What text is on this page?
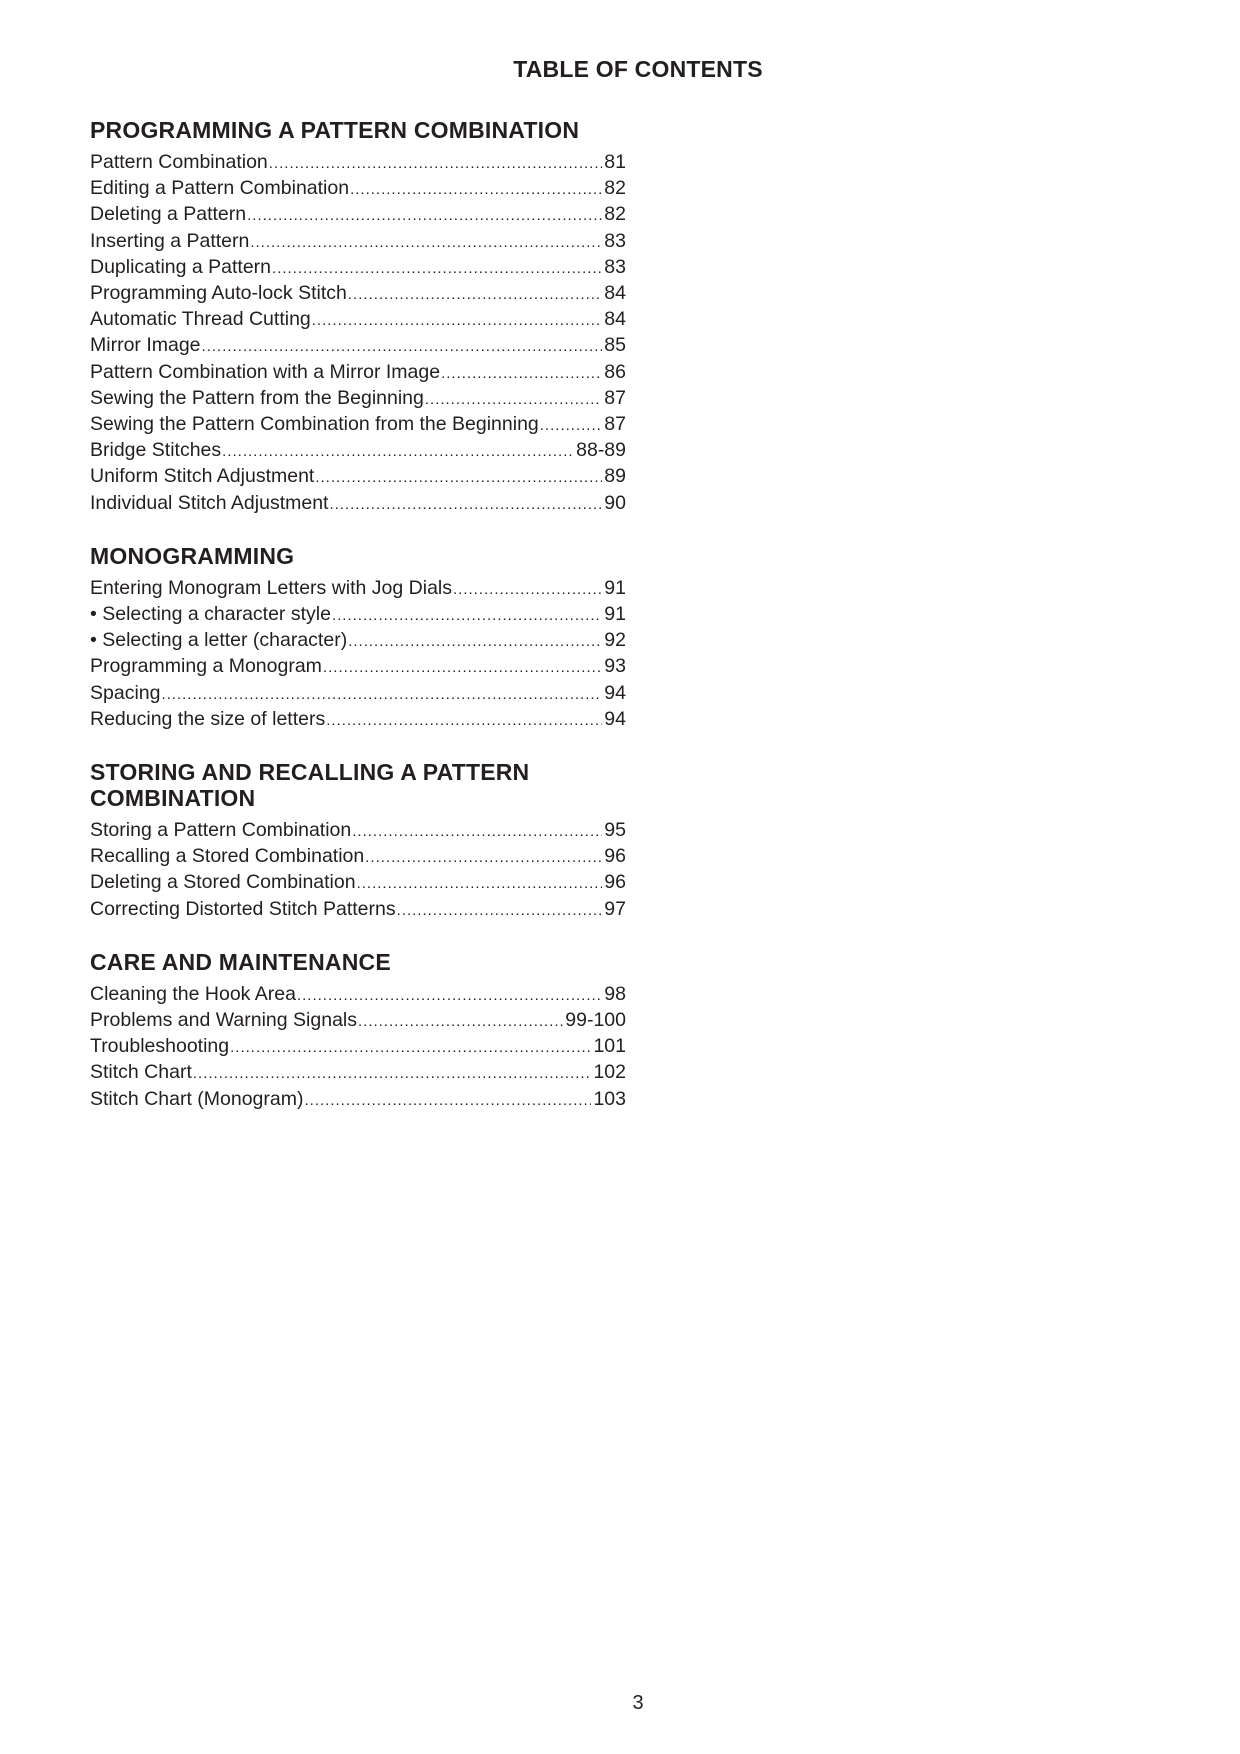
TABLE OF CONTENTS
PROGRAMMING A PATTERN COMBINATION
Pattern Combination .....	81
Editing a Pattern Combination .....	82
Deleting a Pattern .....	82
Inserting a Pattern .....	83
Duplicating a Pattern .....	83
Programming Auto-lock Stitch .....	84
Automatic Thread Cutting .....	84
Mirror Image .....	85
Pattern Combination with a Mirror Image .....	86
Sewing the Pattern from the Beginning .....	87
Sewing the Pattern Combination from the Beginning .....	87
Bridge Stitches .....	88-89
Uniform Stitch Adjustment .....	89
Individual Stitch Adjustment .....	90
MONOGRAMMING
Entering Monogram Letters with Jog Dials .....	91
• Selecting a character style .....	91
• Selecting a letter (character) .....	92
Programming a Monogram .....	93
Spacing .....	94
Reducing the size of letters .....	94
STORING AND RECALLING A PATTERN COMBINATION
Storing a Pattern Combination .....	95
Recalling a Stored Combination .....	96
Deleting a Stored Combination .....	96
Correcting Distorted Stitch Patterns .....	97
CARE AND MAINTENANCE
Cleaning the Hook Area .....	98
Problems and Warning Signals .....	99-100
Troubleshooting .....	101
Stitch Chart .....	102
Stitch Chart (Monogram) .....	103
3
